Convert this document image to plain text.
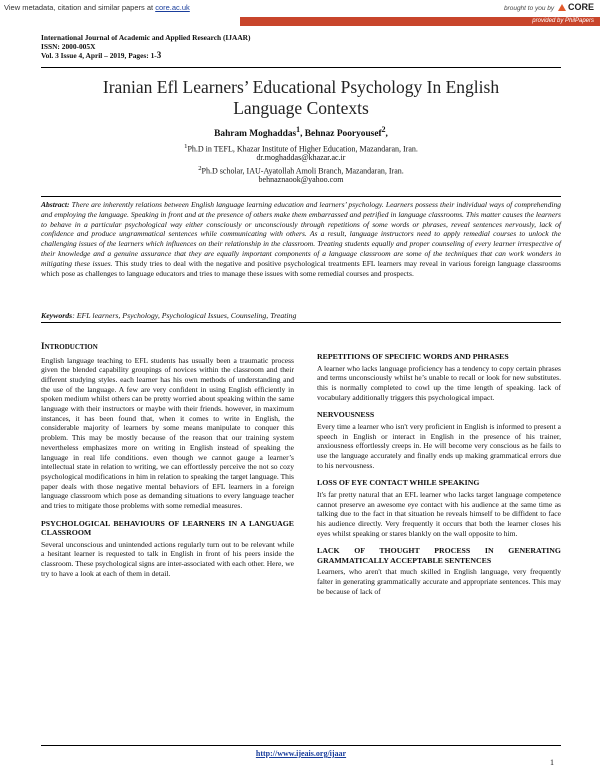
View metadata, citation and similar papers at core.ac.uk	brought to you by CORE
provided by PhilPapers
International Journal of Academic and Applied Research (IJAAR)
ISSN: 2000-005X
Vol. 3 Issue 4, April – 2019, Pages: 1-3
Iranian Efl Learners’ Educational Psychology In English
Language Contexts
Bahram Moghaddas$^1$, Behnaz Pooryousef$^2$,
$^1$Ph.D in TEFL, Khazar Institute of Higher Education, Mazandaran, Iran.
dr.moghaddas@khazar.ac.ir
$^2$Ph.D scholar, IAU-Ayatollah Amoli Branch, Mazandaran, Iran.
behnaznaook@yahoo.com
Abstract: There are inherently relations between English language learning education and learners’ psychology. Learners possess their individual ways of comprehending and employing the language. Speaking in front and at the presence of others make them embarrassed and petrified in language classrooms. This matter causes the learners to behave in a particular psychological way either consciously or unconsciously through repetitions of some words or phrases, reveal sentences nervously, lack of confidence and produce ungrammatical sentences while communicating with others. As a result, language instructors need to apply remedial courses to unlock the challenging issues of the learners which influences on their relationship in the classroom. Treating students equally and proper counseling of every learner irrespective of their knowledge and a genuine assurance that they are equally important components of a language classroom are some of the techniques that can work wonders in mitigating these issues. This study tries to deal with the negative and positive psychological treatments EFL learners may reveal in various foreign language classrooms which pose as challenges to language educators and tries to manage these issues with some remedial courses and prospects.
Keywords: EFL learners, Psychology, Psychological Issues, Counseling, Treating

INTRODUCTION

English language teaching to EFL students has usually been a traumatic process given the blended capability groupings of novices within the classroom and their different studying styles. each learner has his own methods of understanding and the use of the language. A few are very confident in using English efficiently in spoken medium whilst others can be pretty worried about speaking within the same language with their instructors or maybe with their friends. however, in maximum instances, it has been found that, when it comes to write in English, the considerable majority of learners by some means manipulate to conquer this problem. This may be mostly because of the reason that our training system nevertheless emphasizes more on writing in English instead of speaking the language in real life conditions. even though we cannot gauge a learner’s intellectual state in relation to writing, we can effortlessly perceive the not so cozy psychological modifications in him in relation to speaking the target language. This paper deals with those negative mental behaviors of EFL learners in a foreign language classroom which pose as demanding situations to every language teacher and tries to mitigate those problems with some remedial measures.

PSYCHOLOGICAL BEHAVIOURS OF LEARNERS IN A LANGUAGE CLASSROOM

Several unconscious and unintended actions regularly turn out to be relevant while a hesitant learner is requested to talk in English in front of his peers inside the classroom. These psychological signs are inter-associated with each other. Here, we try to have a look at each of them in detail.

REPETITIONS OF SPECIFIC WORDS AND PHRASES

A learner who lacks language proficiency has a tendency to copy certain phrases and terms unconsciously whilst he’s unable to recall or look for new substitutes. this is normally completed to cowl up the time length of speaking. lack of vocabulary additionally triggers this psychological impact.

NERVOUSNESS

Every time a learner who isn't very proficient in English is informed to present a speech in English or interact in English in the presence of his trainer, anxiousness effortlessly creeps in. He will become very conscious as he fails to use the language accurately and finally ends up making grammatical errors due to his nervousness.

LOSS OF EYE CONTACT WHILE SPEAKING

It's far pretty natural that an EFL learner who lacks target language competence cannot preserve an awesome eye contact with his audience at the same time as talking due to the fact in that situation he reveals himself to be diffident to face his audience directly. Very frequently it occurs that both the learner closes his eyes whilst speaking or stares blankly on the wall opposite to him.

LACK OF THOUGHT PROCESS IN GENERATING GRAMMATICALLY ACCEPTABLE SENTENCES

Learners, who aren't that much skilled in English language, very frequently falter in generating grammatically accurate and appropriate sentences. This may be because of lack of

http://www.ijeais.org/ijaar
1
